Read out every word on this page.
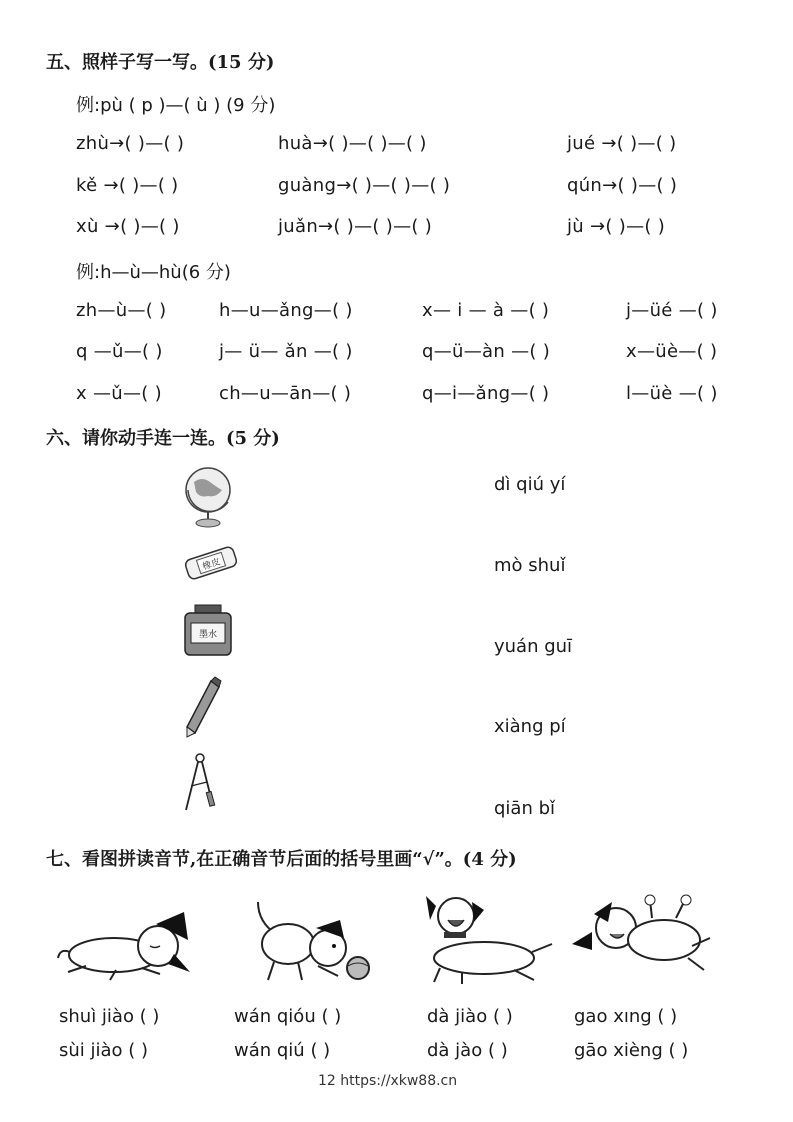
五、照样子写一写。(15 分)
例:pù ( p )—( ù ) (9 分)
zhù→( )—( )	huà→( )—( )—( )	jué →( )—( )
kě →( )—( )	guàng→( )—( )—( )	qún→( )—( )
xù →( )—( )	juǎn→( )—( )—( )	jù →( )—( )
例:h—ù—hù(6 分)
zh—ù—( )	h—u—ǎng—( )	x— i — à —( )	j—üé —( )
q —ǔ—( )	j— ü— ǎn —( )	q—ü—àn —( )	x—üè—( )
x —ǔ—( )	ch—u—ān—( )	q—i—ǎng—( )	l—üè —( )
六、请你动手连一连。(5 分)
橡皮
墨水
dì qiú yí
mò shuǐ
yuán guī
xiàng pí
qiān bǐ
七、看图拼读音节,在正确音节后面的括号里画“√”。(4 分)
shuì jiào ( )
sùi jiào ( )
wán qióu ( )
wán qiú ( )
dà jiào ( )
dà jào ( )
gao xıng ( )
gāo xièng ( )
12 https://xkw88.cn
